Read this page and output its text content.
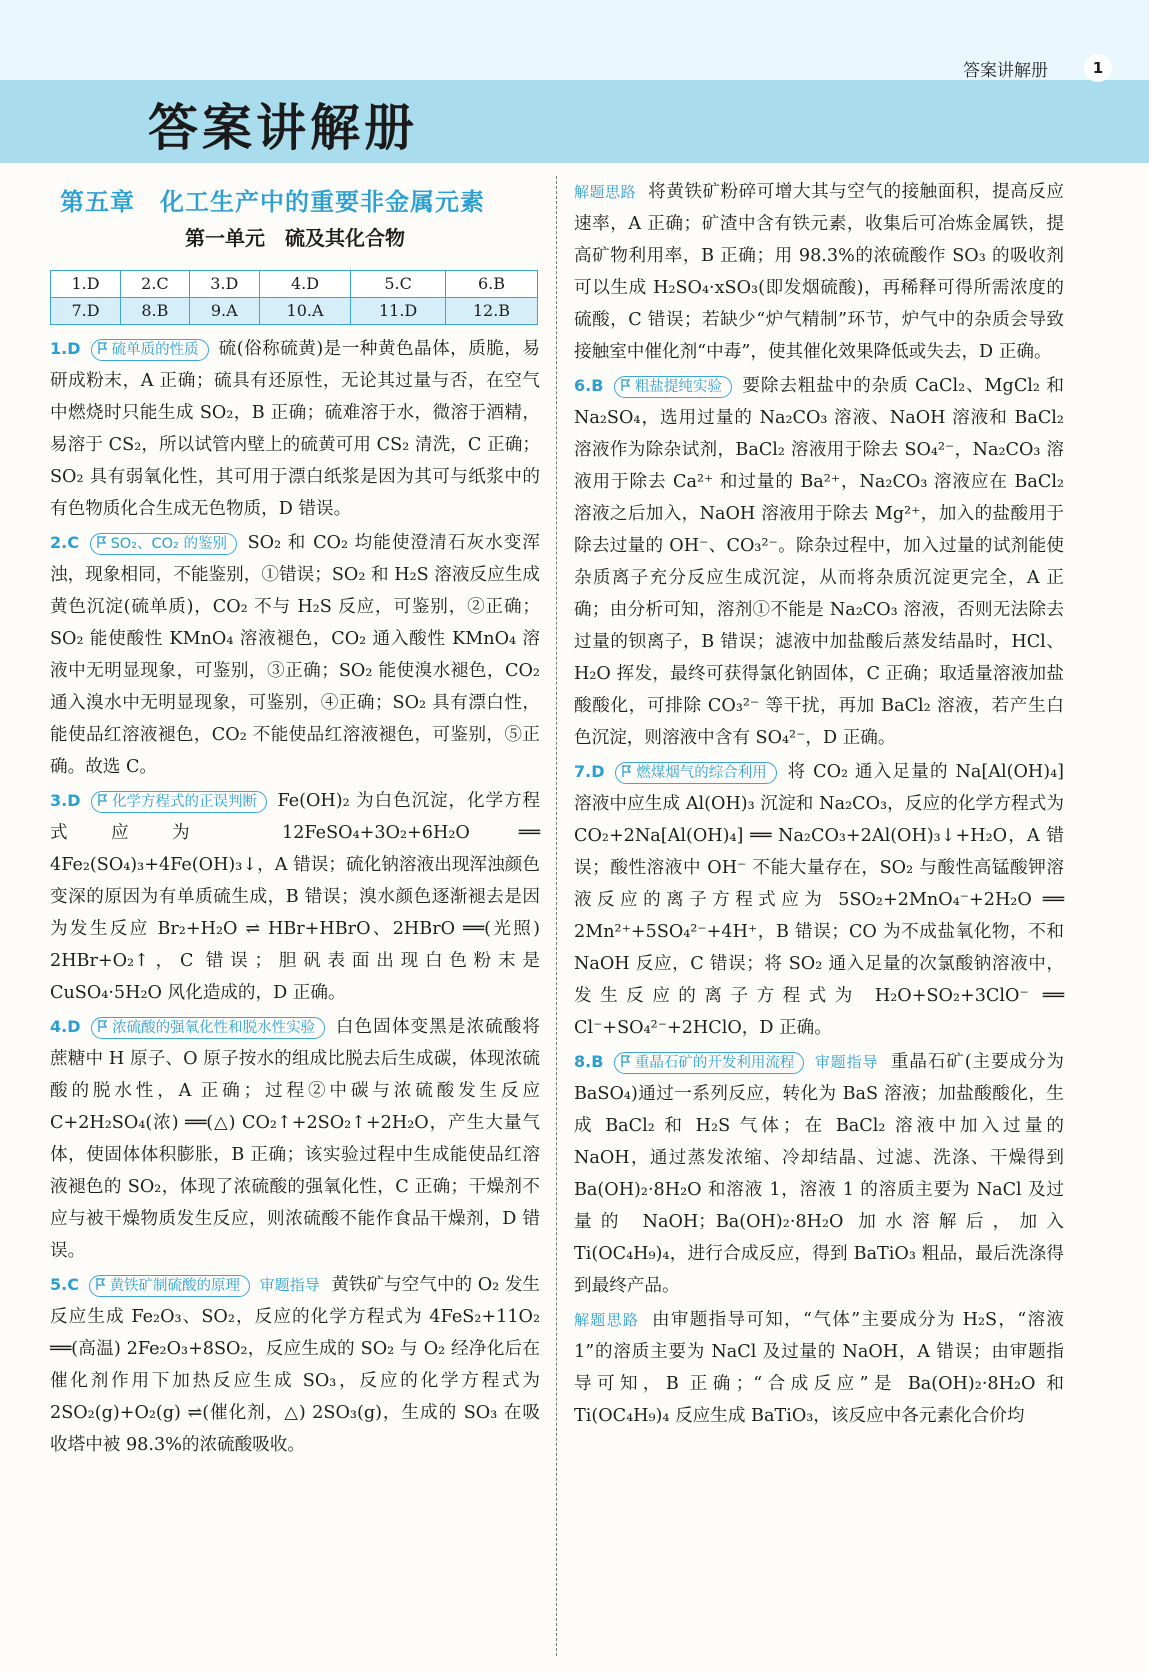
答案讲解册
答案讲解册	1
第五章　化工生产中的重要非金属元素
第一单元　硫及其化合物
1.D	2.C	3.D	4.D	5.C	6.B
7.D	8.B	9.A	10.A	11.D	12.B

1.D 硫单质的性质 硫(俗称硫黄)是一种黄色晶体，质脆，易研成粉末，A 正确；硫具有还原性，无论其过量与否，在空气中燃烧时只能生成 SO₂，B 正确；硫难溶于水，微溶于酒精，易溶于 CS₂，所以试管内壁上的硫黄可用 CS₂ 清洗，C 正确；SO₂ 具有弱氧化性，其可用于漂白纸浆是因为其可与纸浆中的有色物质化合生成无色物质，D 错误。

2.C SO₂、CO₂ 的鉴别 SO₂ 和 CO₂ 均能使澄清石灰水变浑浊，现象相同，不能鉴别，①错误；SO₂ 和 H₂S 溶液反应生成黄色沉淀(硫单质)，CO₂ 不与 H₂S 反应，可鉴别，②正确；SO₂ 能使酸性 KMnO₄ 溶液褪色，CO₂ 通入酸性 KMnO₄ 溶液中无明显现象，可鉴别，③正确；SO₂ 能使溴水褪色，CO₂ 通入溴水中无明显现象，可鉴别，④正确；SO₂ 具有漂白性，能使品红溶液褪色，CO₂ 不能使品红溶液褪色，可鉴别，⑤正确。故选 C。

3.D 化学方程式的正误判断 Fe(OH)₂ 为白色沉淀，化学方程式应为 12FeSO₄+3O₂+6H₂O ══ 4Fe₂(SO₄)₃+4Fe(OH)₃↓，A 错误；硫化钠溶液出现浑浊颜色变深的原因为有单质硫生成，B 错误；溴水颜色逐渐褪去是因为发生反应 Br₂+H₂O ⇌ HBr+HBrO、2HBrO ══(光照) 2HBr+O₂↑，C 错误；胆矾表面出现白色粉末是 CuSO₄·5H₂O 风化造成的，D 正确。

4.D 浓硫酸的强氧化性和脱水性实验 白色固体变黑是浓硫酸将蔗糖中 H 原子、O 原子按水的组成比脱去后生成碳，体现浓硫酸的脱水性，A 正确；过程②中碳与浓硫酸发生反应 C+2H₂SO₄(浓) ══(△) CO₂↑+2SO₂↑+2H₂O，产生大量气体，使固体体积膨胀，B 正确；该实验过程中生成能使品红溶液褪色的 SO₂，体现了浓硫酸的强氧化性，C 正确；干燥剂不应与被干燥物质发生反应，则浓硫酸不能作食品干燥剂，D 错误。

5.C 黄铁矿制硫酸的原理 审题指导 黄铁矿与空气中的 O₂ 发生反应生成 Fe₂O₃、SO₂，反应的化学方程式为 4FeS₂+11O₂ ══(高温) 2Fe₂O₃+8SO₂，反应生成的 SO₂ 与 O₂ 经净化后在催化剂作用下加热反应生成 SO₃，反应的化学方程式为 2SO₂(g)+O₂(g) ⇌(催化剂，△) 2SO₃(g)，生成的 SO₃ 在吸收塔中被 98.3%的浓硫酸吸收。

解题思路 将黄铁矿粉碎可增大其与空气的接触面积，提高反应速率，A 正确；矿渣中含有铁元素，收集后可冶炼金属铁，提高矿物利用率，B 正确；用 98.3%的浓硫酸作 SO₃ 的吸收剂可以生成 H₂SO₄·xSO₃(即发烟硫酸)，再稀释可得所需浓度的硫酸，C 错误；若缺少“炉气精制”环节，炉气中的杂质会导致接触室中催化剂“中毒”，使其催化效果降低或失去，D 正确。

6.B 粗盐提纯实验 要除去粗盐中的杂质 CaCl₂、MgCl₂ 和 Na₂SO₄，选用过量的 Na₂CO₃ 溶液、NaOH 溶液和 BaCl₂ 溶液作为除杂试剂，BaCl₂ 溶液用于除去 SO₄²⁻，Na₂CO₃ 溶液用于除去 Ca²⁺ 和过量的 Ba²⁺，Na₂CO₃ 溶液应在 BaCl₂ 溶液之后加入，NaOH 溶液用于除去 Mg²⁺，加入的盐酸用于除去过量的 OH⁻、CO₃²⁻。除杂过程中，加入过量的试剂能使杂质离子充分反应生成沉淀，从而将杂质沉淀更完全，A 正确；由分析可知，溶剂①不能是 Na₂CO₃ 溶液，否则无法除去过量的钡离子，B 错误；滤液中加盐酸后蒸发结晶时，HCl、H₂O 挥发，最终可获得氯化钠固体，C 正确；取适量溶液加盐酸酸化，可排除 CO₃²⁻ 等干扰，再加 BaCl₂ 溶液，若产生白色沉淀，则溶液中含有 SO₄²⁻，D 正确。

7.D 燃煤烟气的综合利用 将 CO₂ 通入足量的 Na[Al(OH)₄]溶液中应生成 Al(OH)₃ 沉淀和 Na₂CO₃，反应的化学方程式为 CO₂+2Na[Al(OH)₄] ══ Na₂CO₃+2Al(OH)₃↓+H₂O，A 错误；酸性溶液中 OH⁻ 不能大量存在，SO₂ 与酸性高锰酸钾溶液反应的离子方程式应为 5SO₂+2MnO₄⁻+2H₂O ══ 2Mn²⁺+5SO₄²⁻+4H⁺，B 错误；CO 为不成盐氧化物，不和 NaOH 反应，C 错误；将 SO₂ 通入足量的次氯酸钠溶液中，发生反应的离子方程式为 H₂O+SO₂+3ClO⁻ ══ Cl⁻+SO₄²⁻+2HClO，D 正确。

8.B 重晶石矿的开发利用流程 审题指导 重晶石矿(主要成分为 BaSO₄)通过一系列反应，转化为 BaS 溶液；加盐酸酸化，生成 BaCl₂ 和 H₂S 气体；在 BaCl₂ 溶液中加入过量的 NaOH，通过蒸发浓缩、冷却结晶、过滤、洗涤、干燥得到 Ba(OH)₂·8H₂O 和溶液 1，溶液 1 的溶质主要为 NaCl 及过量的 NaOH；Ba(OH)₂·8H₂O 加水溶解后，加入 Ti(OC₄H₉)₄，进行合成反应，得到 BaTiO₃ 粗品，最后洗涤得到最终产品。

解题思路 由审题指导可知，“气体”主要成分为 H₂S，“溶液 1”的溶质主要为 NaCl 及过量的 NaOH，A 错误；由审题指导可知，B 正确；“合成反应”是 Ba(OH)₂·8H₂O 和 Ti(OC₄H₉)₄ 反应生成 BaTiO₃，该反应中各元素化合价均
